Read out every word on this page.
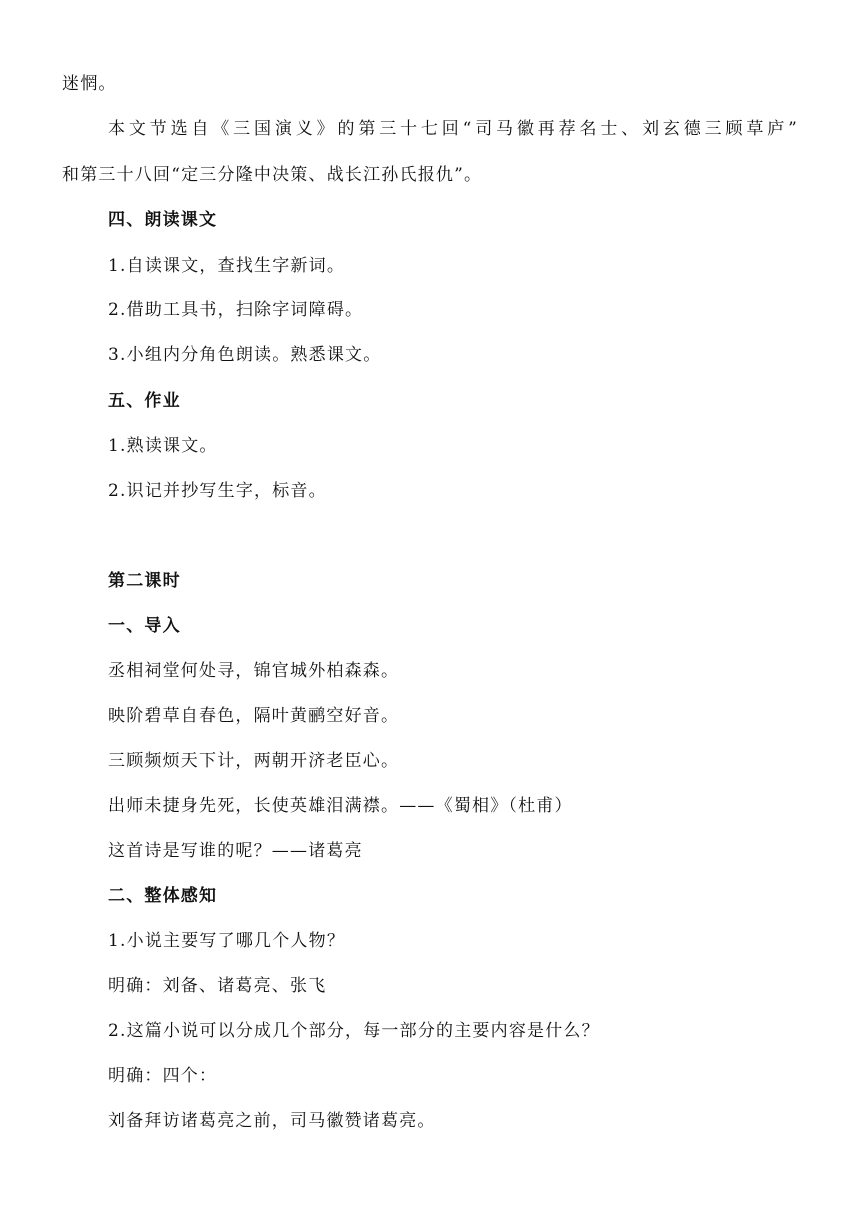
迷惘。
本文节选自《三国演义》的第三十七回“司马徽再荐名士、刘玄德三顾草庐”
和第三十八回“定三分隆中决策、战长江孙氏报仇”。
四、朗读课文
1.自读课文，查找生字新词。
2.借助工具书，扫除字词障碍。
3.小组内分角色朗读。熟悉课文。
五、作业
1.熟读课文。
2.识记并抄写生字，标音。
第二课时
一、导入
丞相祠堂何处寻，锦官城外柏森森。
映阶碧草自春色，隔叶黄鹂空好音。
三顾频烦天下计，两朝开济老臣心。
出师未捷身先死，长使英雄泪满襟。——《蜀相》（杜甫）
这首诗是写谁的呢？——诸葛亮
二、整体感知
1.小说主要写了哪几个人物？
明确：刘备、诸葛亮、张飞
2.这篇小说可以分成几个部分，每一部分的主要内容是什么？
明确：四个：
刘备拜访诸葛亮之前，司马徽赞诸葛亮。
